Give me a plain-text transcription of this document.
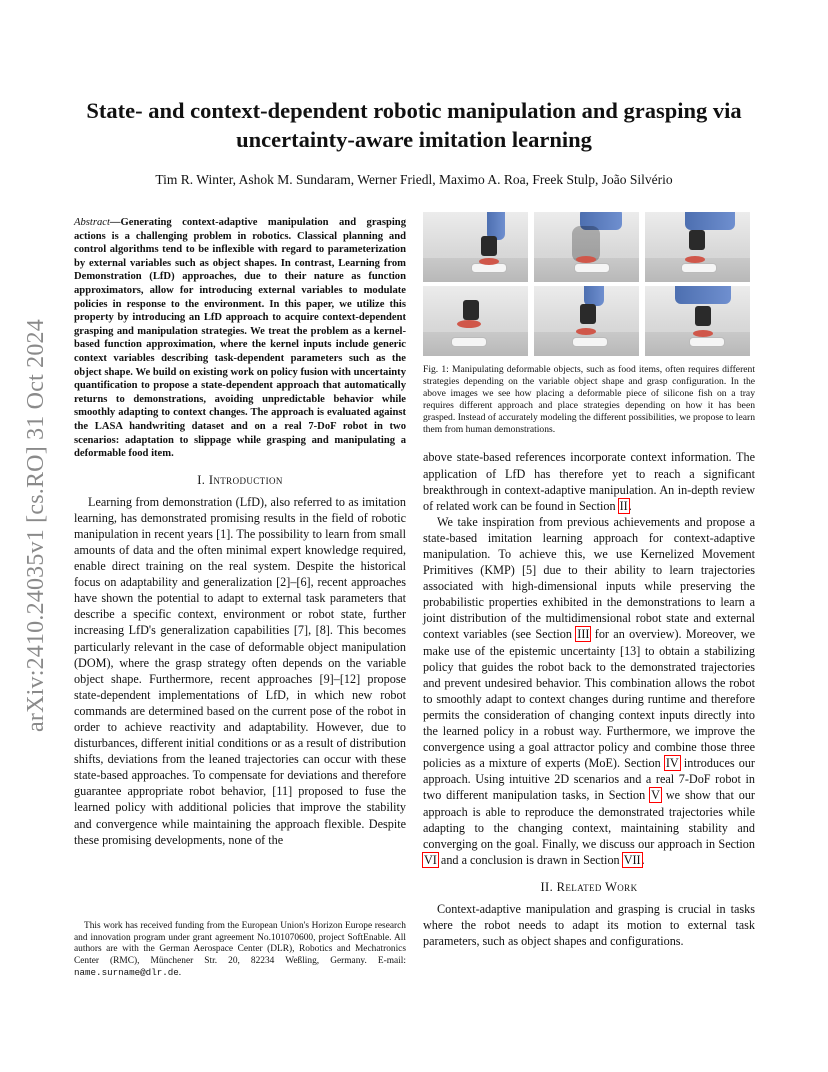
arXiv:2410.24035v1 [cs.RO] 31 Oct 2024
State- and context-dependent robotic manipulation and grasping via uncertainty-aware imitation learning
Tim R. Winter, Ashok M. Sundaram, Werner Friedl, Maximo A. Roa, Freek Stulp, João Silvério

Abstract—Generating context-adaptive manipulation and grasping actions is a challenging problem in robotics. Classical planning and control algorithms tend to be inflexible with regard to parameterization by external variables such as object shapes. In contrast, Learning from Demonstration (LfD) approaches, due to their nature as function approximators, allow for introducing external variables to modulate policies in response to the environment. In this paper, we utilize this property by introducing an LfD approach to acquire context-dependent grasping and manipulation strategies. We treat the problem as a kernel-based function approximation, where the kernel inputs include generic context variables describing task-dependent parameters such as the object shape. We build on existing work on policy fusion with uncertainty quantification to propose a state-dependent approach that automatically returns to demonstrations, avoiding unpredictable behavior while smoothly adapting to context changes. The approach is evaluated against the LASA handwriting dataset and on a real 7-DoF robot in two scenarios: adaptation to slippage while grasping and manipulating a deformable food item.

I. Introduction

Learning from demonstration (LfD), also referred to as imitation learning, has demonstrated promising results in the field of robotic manipulation in recent years [1]. The possibility to learn from small amounts of data and the often minimal expert knowledge required, enable direct training on the real system. Despite the historical focus on adaptability and generalization [2]–[6], recent approaches have shown the potential to adapt to external task parameters that describe a specific context, environment or robot state, further increasing LfD's generalization capabilities [7], [8]. This becomes particularly relevant in the case of deformable object manipulation (DOM), where the grasp strategy often depends on the variable object shape. Furthermore, recent approaches [9]–[12] propose state-dependent implementations of LfD, in which new robot commands are determined based on the current pose of the robot in order to achieve reactivity and adaptability. However, due to disturbances, different initial conditions or as a result of distribution shifts, deviations from the leaned trajectories can occur with these state-based approaches. To compensate for deviations and therefore guarantee appropriate robot behavior, [11] proposed to fuse the learned policy with additional policies that improve the stability and convergence while maintaining the approach flexible. Despite these promising developments, none of the

This work has received funding from the European Union's Horizon Europe research and innovation program under grant agreement No.101070600, project SoftEnable. All authors are with the German Aerospace Center (DLR), Robotics and Mechatronics Center (RMC), Münchener Str. 20, 82234 Weßling, Germany. E-mail: name.surname@dlr.de.

Fig. 1: Manipulating deformable objects, such as food items, often requires different strategies depending on the variable object shape and grasp configuration. In the above images we see how placing a deformable piece of silicone fish on a tray requires different approach and place strategies depending on how it has been grasped. Instead of accurately modeling the different possibilities, we propose to learn them from human demonstrations.

above state-based references incorporate context information. The application of LfD has therefore yet to reach a significant breakthrough in context-adaptive manipulation. An in-depth review of related work can be found in Section II.

We take inspiration from previous achievements and propose a state-based imitation learning approach for context-adaptive manipulation. To achieve this, we use Kernelized Movement Primitives (KMP) [5] due to their ability to learn trajectories associated with high-dimensional inputs while preserving the probabilistic properties exhibited in the demonstrations to learn a joint distribution of the multidimensional robot state and external context variables (see Section III for an overview). Moreover, we make use of the epistemic uncertainty [13] to obtain a stabilizing policy that guides the robot back to the demonstrated trajectories and prevent undesired behavior. This combination allows the robot to smoothly adapt to context changes during runtime and therefore permits the consideration of changing context inputs directly into the learned policy in a robust way. Furthermore, we improve the convergence using a goal attractor policy and combine those three policies as a mixture of experts (MoE). Section IV introduces our approach. Using intuitive 2D scenarios and a real 7-DoF robot in two different manipulation tasks, in Section V we show that our approach is able to reproduce the demonstrated trajectories while adapting to the changing context, maintaining stability and converging on the goal. Finally, we discuss our approach in Section VI and a conclusion is drawn in Section VII.

II. Related Work

Context-adaptive manipulation and grasping is crucial in tasks where the robot needs to adapt its motion to external task parameters, such as object shapes and configurations.
